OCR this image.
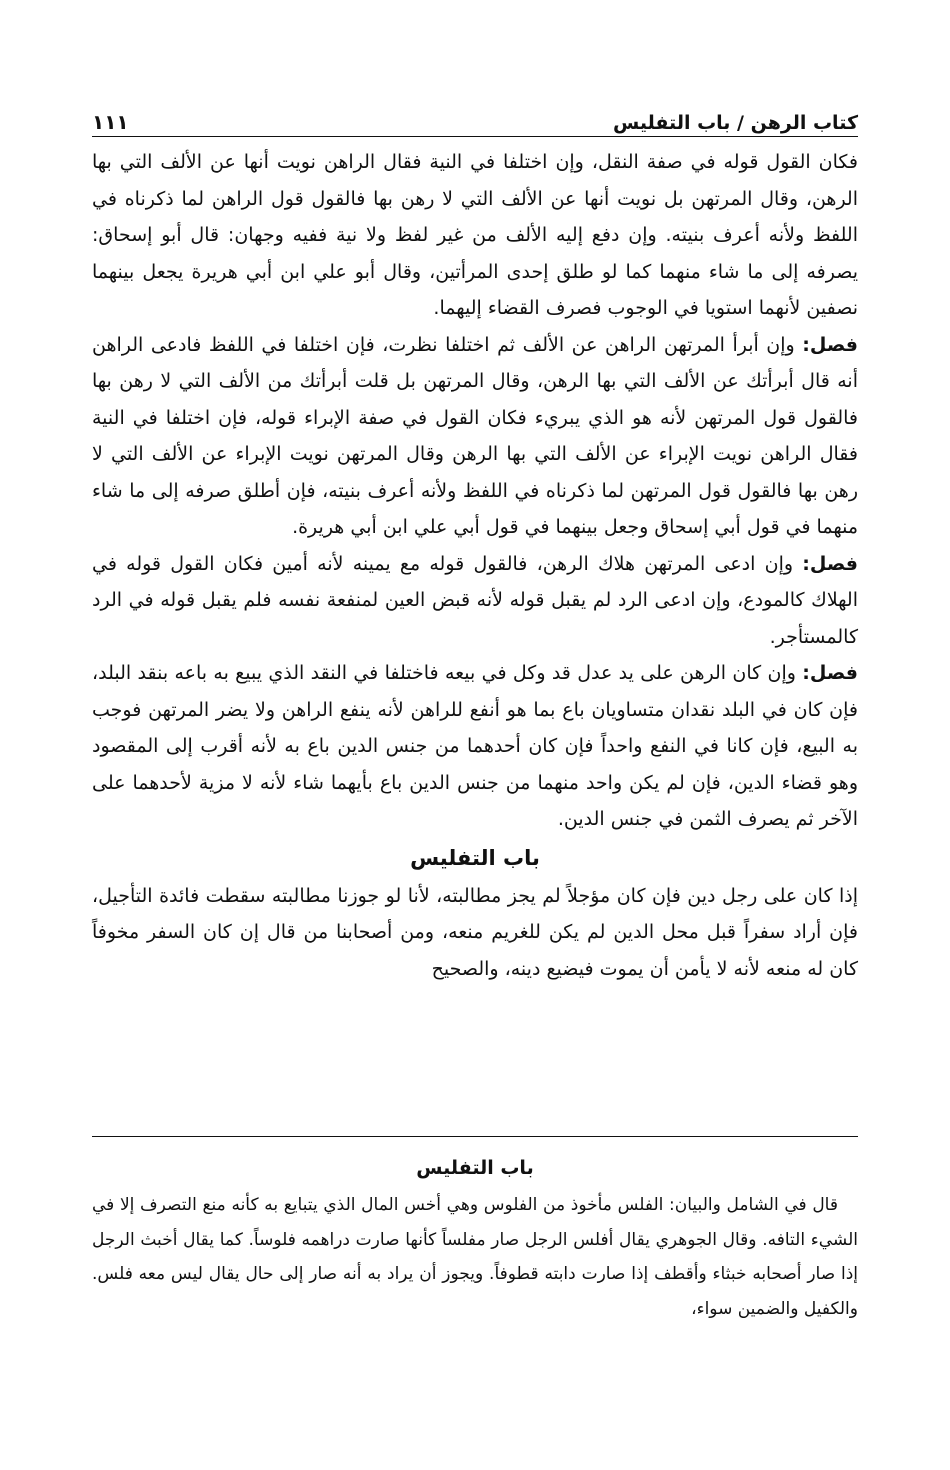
كتاب الرهن / باب التفليس
١١١

فكان القول قوله في صفة النقل، وإن اختلفا في النية فقال الراهن نويت أنها عن الألف التي بها الرهن، وقال المرتهن بل نويت أنها عن الألف التي لا رهن بها فالقول قول الراهن لما ذكرناه في اللفظ ولأنه أعرف بنيته. وإن دفع إليه الألف من غير لفظ ولا نية ففيه وجهان: قال أبو إسحاق: يصرفه إلى ما شاء منهما كما لو طلق إحدى المرأتين، وقال أبو علي ابن أبي هريرة يجعل بينهما نصفين لأنهما استويا في الوجوب فصرف القضاء إليهما.

فصل: وإن أبرأ المرتهن الراهن عن الألف ثم اختلفا نظرت، فإن اختلفا في اللفظ فادعى الراهن أنه قال أبرأتك عن الألف التي بها الرهن، وقال المرتهن بل قلت أبرأتك من الألف التي لا رهن بها فالقول قول المرتهن لأنه هو الذي يبريء فكان القول في صفة الإبراء قوله، فإن اختلفا في النية فقال الراهن نويت الإبراء عن الألف التي بها الرهن وقال المرتهن نويت الإبراء عن الألف التي لا رهن بها فالقول قول المرتهن لما ذكرناه في اللفظ ولأنه أعرف بنيته، فإن أطلق صرفه إلى ما شاء منهما في قول أبي إسحاق وجعل بينهما في قول أبي علي ابن أبي هريرة.

فصل: وإن ادعى المرتهن هلاك الرهن، فالقول قوله مع يمينه لأنه أمين فكان القول قوله في الهلاك كالمودع، وإن ادعى الرد لم يقبل قوله لأنه قبض العين لمنفعة نفسه فلم يقبل قوله في الرد كالمستأجر.

فصل: وإن كان الرهن على يد عدل قد وكل في بيعه فاختلفا في النقد الذي يبيع به باعه بنقد البلد، فإن كان في البلد نقدان متساويان باع بما هو أنفع للراهن لأنه ينفع الراهن ولا يضر المرتهن فوجب به البيع، فإن كانا في النفع واحداً فإن كان أحدهما من جنس الدين باع به لأنه أقرب إلى المقصود وهو قضاء الدين، فإن لم يكن واحد منهما من جنس الدين باع بأيهما شاء لأنه لا مزية لأحدهما على الآخر ثم يصرف الثمن في جنس الدين.

باب التفليس

إذا كان على رجل دين فإن كان مؤجلاً لم يجز مطالبته، لأنا لو جوزنا مطالبته سقطت فائدة التأجيل، فإن أراد سفراً قبل محل الدين لم يكن للغريم منعه، ومن أصحابنا من قال إن كان السفر مخوفاً كان له منعه لأنه لا يأمن أن يموت فيضيع دينه، والصحيح

باب التفليس

قال في الشامل والبيان: الفلس مأخوذ من الفلوس وهي أخس المال الذي يتبايع به كأنه منع التصرف إلا في الشيء التافه. وقال الجوهري يقال أفلس الرجل صار مفلساً كأنها صارت دراهمه فلوساً. كما يقال أخبث الرجل إذا صار أصحابه خبثاء وأقطف إذا صارت دابته قطوفاً. ويجوز أن يراد به أنه صار إلى حال يقال ليس معه فلس. والكفيل والضمين سواء،
